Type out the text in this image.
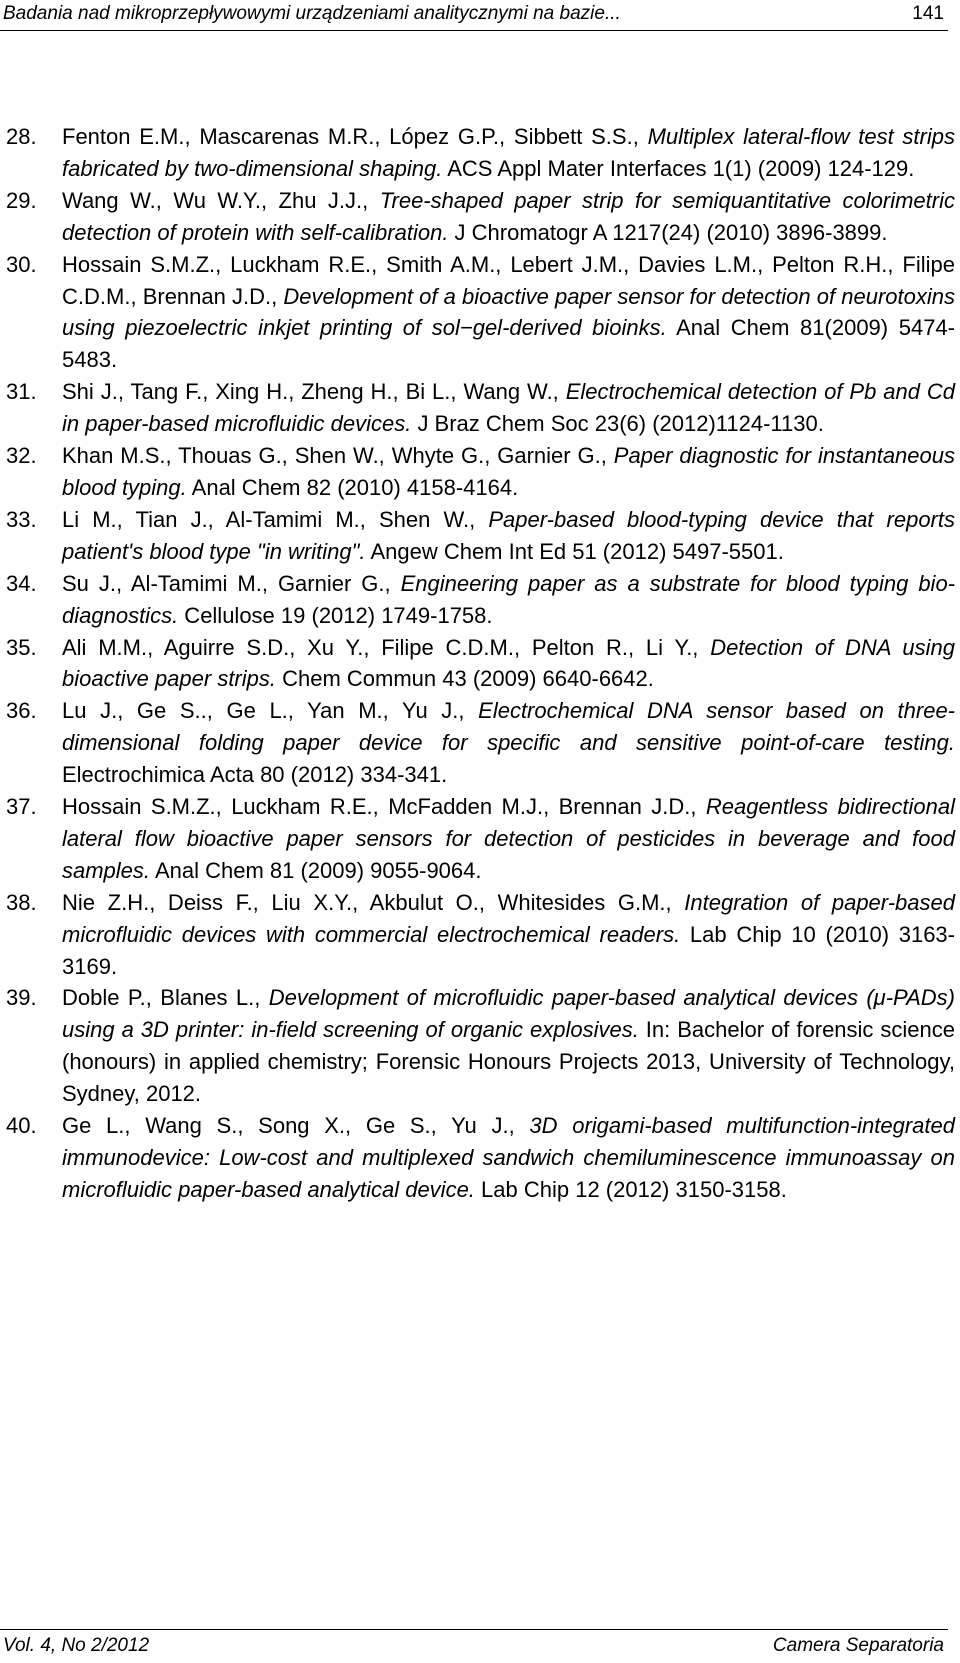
Badania nad mikroprzepływowymi urządzeniami analitycznymi na bazie...	141
28.	Fenton E.M., Mascarenas M.R., López G.P., Sibbett S.S., Multiplex lateral-flow test strips fabricated by two-dimensional shaping. ACS Appl Mater Interfaces 1(1) (2009) 124-129.
29.	Wang W., Wu W.Y., Zhu J.J., Tree-shaped paper strip for semiquantitative colorimetric detection of protein with self-calibration. J Chromatogr A 1217(24) (2010) 3896-3899.
30.	Hossain S.M.Z., Luckham R.E., Smith A.M., Lebert J.M., Davies L.M., Pelton R.H., Filipe C.D.M., Brennan J.D., Development of a bioactive paper sensor for detection of neurotoxins using piezoelectric inkjet printing of sol−gel-derived bioinks. Anal Chem 81(2009) 5474-5483.
31.	Shi J., Tang F., Xing H., Zheng H., Bi L., Wang W., Electrochemical detection of Pb and Cd in paper-based microfluidic devices. J Braz Chem Soc 23(6) (2012)1124-1130.
32.	Khan M.S., Thouas G., Shen W., Whyte G., Garnier G., Paper diagnostic for instantaneous blood typing. Anal Chem 82 (2010) 4158-4164.
33.	Li M., Tian J., Al-Tamimi M., Shen W., Paper-based blood-typing device that reports patient's blood type "in writing". Angew Chem Int Ed 51 (2012) 5497-5501.
34.	Su J., Al-Tamimi M., Garnier G., Engineering paper as a substrate for blood typing bio-diagnostics. Cellulose 19 (2012) 1749-1758.
35.	Ali M.M., Aguirre S.D., Xu Y., Filipe C.D.M., Pelton R., Li Y., Detection of DNA using bioactive paper strips. Chem Commun 43 (2009) 6640-6642.
36.	Lu J., Ge S.., Ge L., Yan M., Yu J., Electrochemical DNA sensor based on three-dimensional folding paper device for specific and sensitive point-of-care testing. Electrochimica Acta 80 (2012) 334-341.
37.	Hossain S.M.Z., Luckham R.E., McFadden M.J., Brennan J.D., Reagentless bidirectional lateral flow bioactive paper sensors for detection of pesticides in beverage and food samples. Anal Chem 81 (2009) 9055-9064.
38.	Nie Z.H., Deiss F., Liu X.Y., Akbulut O., Whitesides G.M., Integration of paper-based microfluidic devices with commercial electrochemical readers. Lab Chip 10 (2010) 3163-3169.
39.	Doble P., Blanes L., Development of microfluidic paper-based analytical devices (μ-PADs) using a 3D printer: in-field screening of organic explosives. In: Bachelor of forensic science (honours) in applied chemistry; Forensic Honours Projects 2013, University of Technology, Sydney, 2012.
40.	Ge L., Wang S., Song X., Ge S., Yu J., 3D origami-based multifunction-integrated immunodevice: Low-cost and multiplexed sandwich chemiluminescence immunoassay on microfluidic paper-based analytical device. Lab Chip 12 (2012) 3150-3158.
Vol. 4, No 2/2012	Camera Separatoria
